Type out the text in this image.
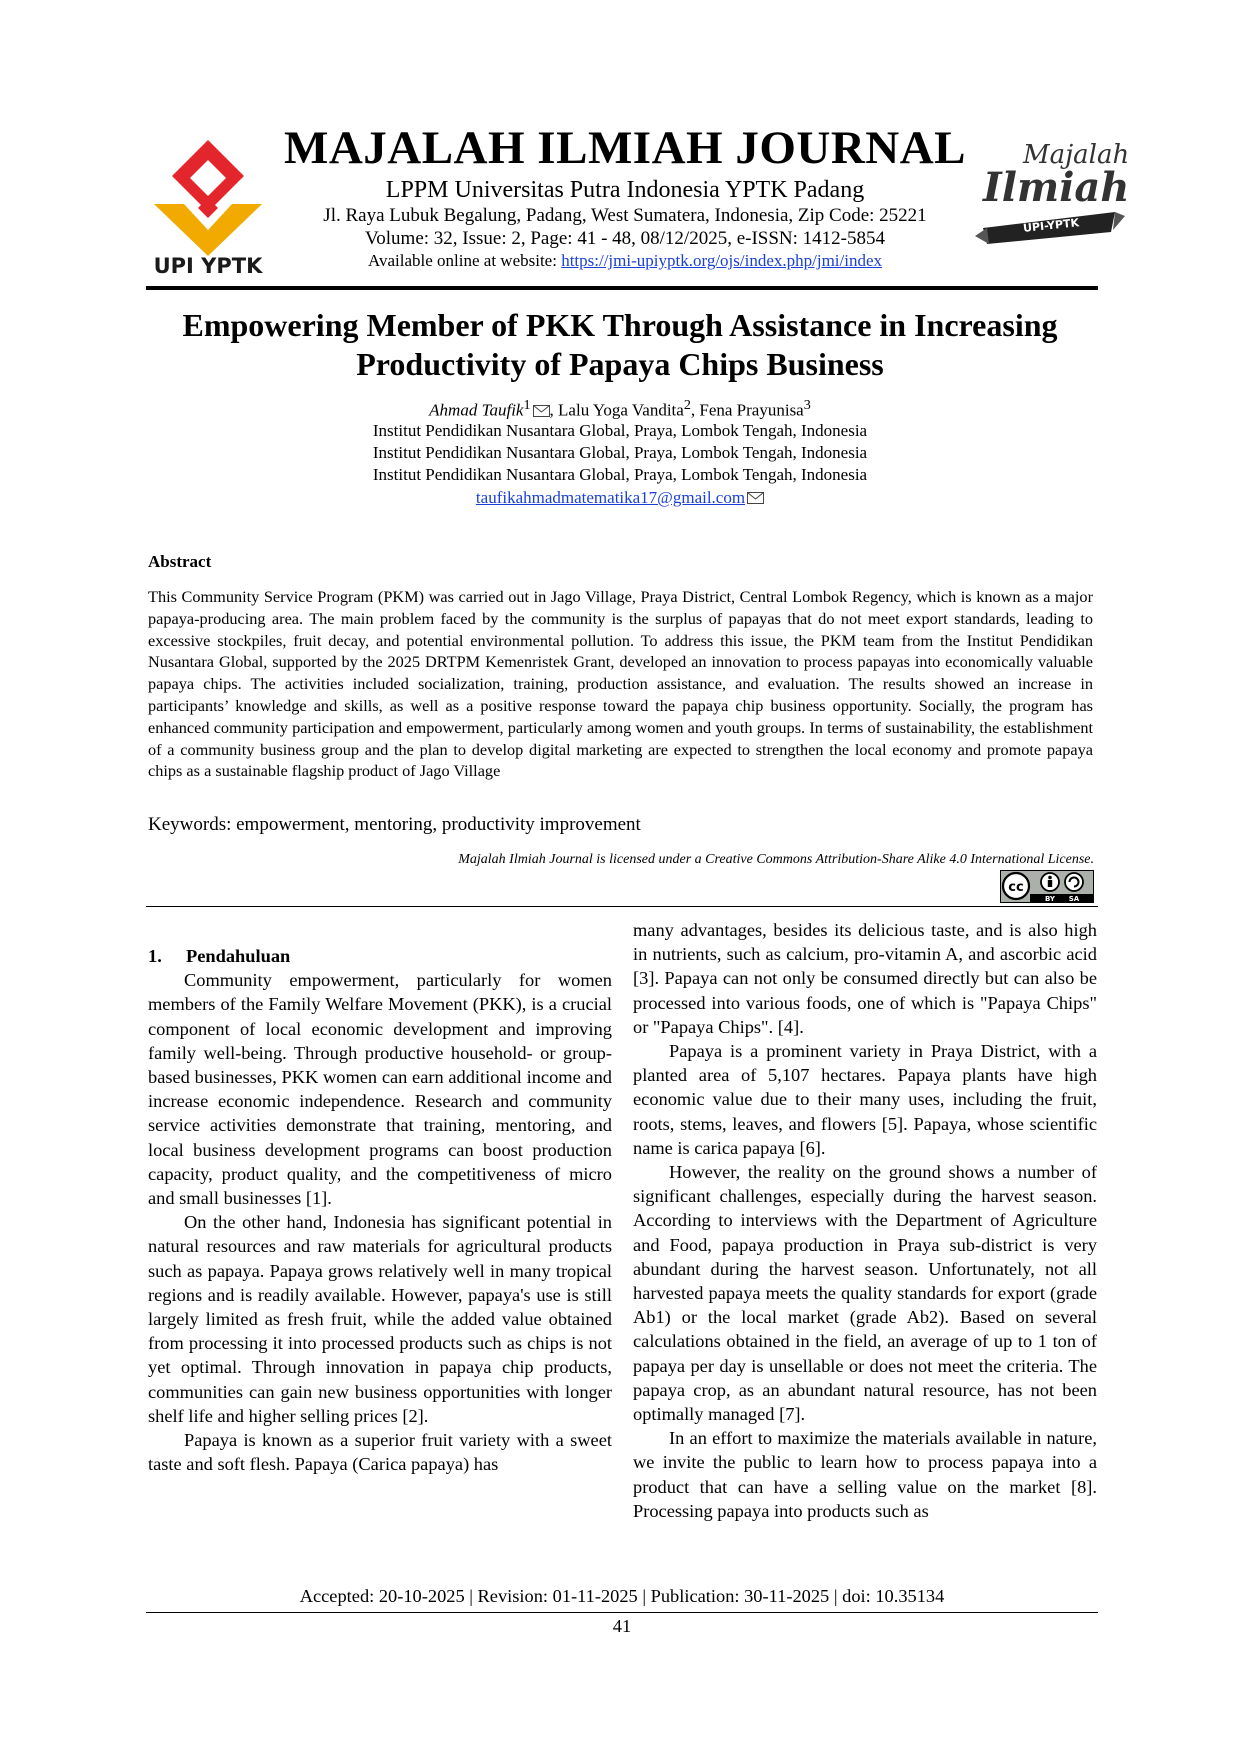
UPI YPTK
MAJALAH ILMIAH JOURNAL
LPPM Universitas Putra Indonesia YPTK Padang
Jl. Raya Lubuk Begalung, Padang, West Sumatera, Indonesia, Zip Code: 25221
Volume: 32, Issue: 2, Page: 41 - 48, 08/12/2025, e-ISSN: 1412-5854
Available online at website: https://jmi-upiyptk.org/ojs/index.php/jmi/index
Majalah
Ilmiah
UPI-YPTK
Empowering Member of PKK Through Assistance in Increasing
Productivity of Papaya Chips Business
Ahmad Taufik$^1$ , Lalu Yoga Vandita$^2$, Fena Prayunisa$^3$
Institut Pendidikan Nusantara Global, Praya, Lombok Tengah, Indonesia
Institut Pendidikan Nusantara Global, Praya, Lombok Tengah, Indonesia
Institut Pendidikan Nusantara Global, Praya, Lombok Tengah, Indonesia
taufikahmadmatematika17@gmail.com
Abstract
This Community Service Program (PKM) was carried out in Jago Village, Praya District, Central Lombok Regency, which is known as a major papaya-producing area. The main problem faced by the community is the surplus of papayas that do not meet export standards, leading to excessive stockpiles, fruit decay, and potential environmental pollution. To address this issue, the PKM team from the Institut Pendidikan Nusantara Global, supported by the 2025 DRTPM Kemenristek Grant, developed an innovation to process papayas into economically valuable papaya chips. The activities included socialization, training, production assistance, and evaluation. The results showed an increase in participants’ knowledge and skills, as well as a positive response toward the papaya chip business opportunity. Socially, the program has enhanced community participation and empowerment, particularly among women and youth groups. In terms of sustainability, the establishment of a community business group and the plan to develop digital marketing are expected to strengthen the local economy and promote papaya chips as a sustainable flagship product of Jago Village
Keywords: empowerment, mentoring, productivity improvement
Majalah Ilmiah Journal is licensed under a Creative Commons Attribution-Share Alike 4.0 International License.
cc
BY SA

1. Pendahuluan

Community empowerment, particularly for women members of the Family Welfare Movement (PKK), is a crucial component of local economic development and improving family well-being. Through productive household- or group-based businesses, PKK women can earn additional income and increase economic independence. Research and community service activities demonstrate that training, mentoring, and local business development programs can boost production capacity, product quality, and the competitiveness of micro and small businesses [1].

On the other hand, Indonesia has significant potential in natural resources and raw materials for agricultural products such as papaya. Papaya grows relatively well in many tropical regions and is readily available. However, papaya's use is still largely limited as fresh fruit, while the added value obtained from processing it into processed products such as chips is not yet optimal. Through innovation in papaya chip products, communities can gain new business opportunities with longer shelf life and higher selling prices [2].

Papaya is known as a superior fruit variety with a sweet taste and soft flesh. Papaya (Carica papaya) has

many advantages, besides its delicious taste, and is also high in nutrients, such as calcium, pro-vitamin A, and ascorbic acid [3]. Papaya can not only be consumed directly but can also be processed into various foods, one of which is "Papaya Chips" or "Papaya Chips". [4].

Papaya is a prominent variety in Praya District, with a planted area of 5,107 hectares. Papaya plants have high economic value due to their many uses, including the fruit, roots, stems, leaves, and flowers [5]. Papaya, whose scientific name is carica papaya [6].

However, the reality on the ground shows a number of significant challenges, especially during the harvest season. According to interviews with the Department of Agriculture and Food, papaya production in Praya sub-district is very abundant during the harvest season. Unfortunately, not all harvested papaya meets the quality standards for export (grade Ab1) or the local market (grade Ab2). Based on several calculations obtained in the field, an average of up to 1 ton of papaya per day is unsellable or does not meet the criteria. The papaya crop, as an abundant natural resource, has not been optimally managed [7].

In an effort to maximize the materials available in nature, we invite the public to learn how to process papaya into a product that can have a selling value on the market [8]. Processing papaya into products such as

Accepted: 20-10-2025 | Revision: 01-11-2025 | Publication: 30-11-2025 | doi: 10.35134
41
